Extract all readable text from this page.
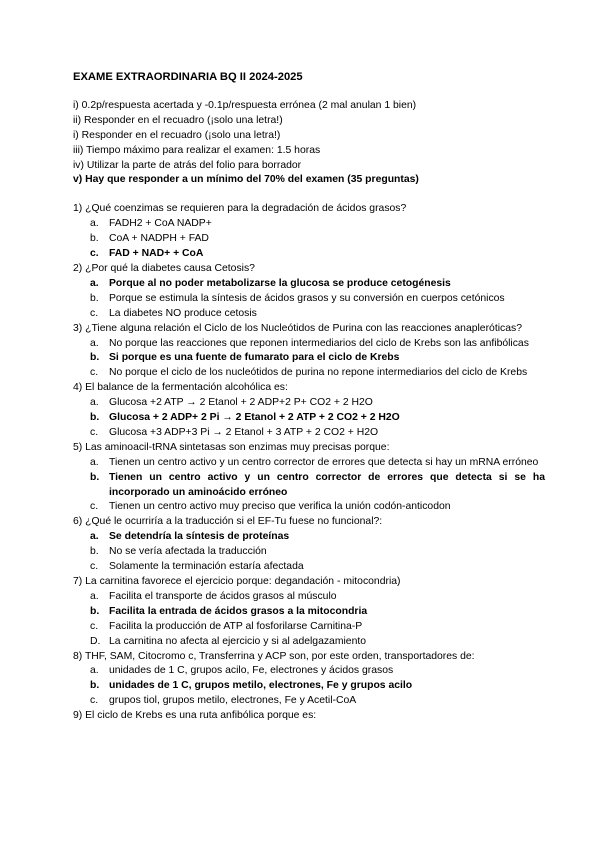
EXAME EXTRAORDINARIA BQ II 2024-2025
i) 0.2p/respuesta acertada y -0.1p/respuesta errónea (2 mal anulan 1 bien)
ii) Responder en el recuadro (¡solo una letra!)
i) Responder en el recuadro (¡solo una letra!)
iii) Tiempo máximo para realizar el examen: 1.5 horas
iv) Utilizar la parte de atrás del folio para borrador
v) Hay que responder a un mínimo del 70% del examen (35 preguntas)
1) ¿Qué coenzimas se requieren para la degradación de ácidos grasos?
a. FADH2 + CoA NADP+
b. CoA + NADPH + FAD
c. FAD + NAD+ + CoA
2) ¿Por qué la diabetes causa Cetosis?
a. Porque al no poder metabolizarse la glucosa se produce cetogénesis
b. Porque se estimula la síntesis de ácidos grasos y su conversión en cuerpos cetónicos
c.	La diabetes NO produce cetosis
3) ¿Tiene alguna relación el Ciclo de los Nucleótidos de Purina con las reacciones anapleróticas?
a. No porque las reacciones que reponen intermediarios del ciclo de Krebs son las anfibólicas
b. Si porque es una fuente de fumarato para el ciclo de Krebs
c.	No porque el ciclo de los nucleótidos de purina no repone intermediarios del ciclo de Krebs
4) El balance de la fermentación alcohólica es:
a. Glucosa +2 ATP → 2 Etanol + 2 ADP+2 P+ CO2 + 2 H2O
b. Glucosa + 2 ADP+ 2 Pi → 2 Etanol + 2 ATP + 2 CO2 + 2 H2O
c.	Glucosa +3 ADP+3 Pi → 2 Etanol + 3 ATP + 2 CO2 + H2O
5) Las aminoacil-tRNA sintetasas son enzimas muy precisas porque:
a. Tienen un centro activo y un centro corrector de errores que detecta si hay un mRNA erróneo
b. Tienen un centro activo y un centro corrector de errores que detecta si se ha incorporado un aminoácido erróneo
c.	Tienen un centro activo muy preciso que verifica la unión codón-anticodon
6) ¿Qué le ocurriría a la traducción si el EF-Tu fuese no funcional?:
a. Se detendría la síntesis de proteínas
b. No se vería afectada la traducción
c.	Solamente la terminación estaría afectada
7) La carnitina favorece el ejercicio porque: degandación - mitocondria)
a. Facilita el transporte de ácidos grasos al músculo
b. Facilita la entrada de ácidos grasos a la mitocondria
c.	Facilita la producción de ATP al fosforilarse Carnitina-P
D. La carnitina no afecta al ejercicio y si al adelgazamiento
8) THF, SAM, Citocromo c, Transferrina y ACP son, por este orden, transportadores de:
a. unidades de 1 C, grupos acilo, Fe, electrones y ácidos grasos
b. unidades de 1 C, grupos metilo, electrones, Fe y grupos acilo
c.	grupos tiol, grupos metilo, electrones, Fe y Acetil-CoA
9) El ciclo de Krebs es una ruta anfibólica porque es:
